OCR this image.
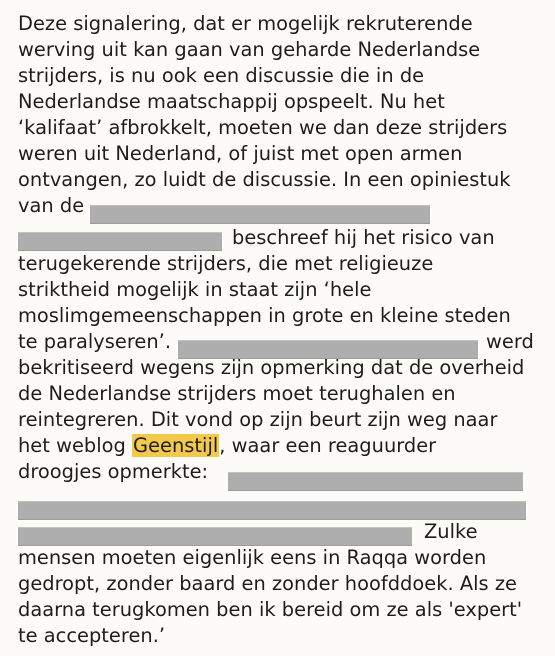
Deze signalering, dat er mogelijk rekruterende
werving uit kan gaan van geharde Nederlandse
strijders, is nu ook een discussie die in de
Nederlandse maatschappij opspeelt. Nu het
‘kalifaat’ afbrokkelt, moeten we dan deze strijders
weren uit Nederland, of juist met open armen
ontvangen, zo luidt de discussie. In een opiniestuk
van de
beschreef hij het risico van
terugekerende strijders, die met religieuze
striktheid mogelijk in staat zijn ‘hele
moslimgemeenschappen in grote en kleine steden
te paralyseren’.	werd
bekritiseerd wegens zijn opmerking dat de overheid
de Nederlandse strijders moet terughalen en
reintegreren. Dit vond op zijn beurt zijn weg naar
het weblog Geenstijl, waar een reaguurder
droogjes opmerkte:
Zulke
mensen moeten eigenlijk eens in Raqqa worden
gedropt, zonder baard en zonder hoofddoek. Als ze
daarna terugkomen ben ik bereid om ze als 'expert'
te accepteren.’
